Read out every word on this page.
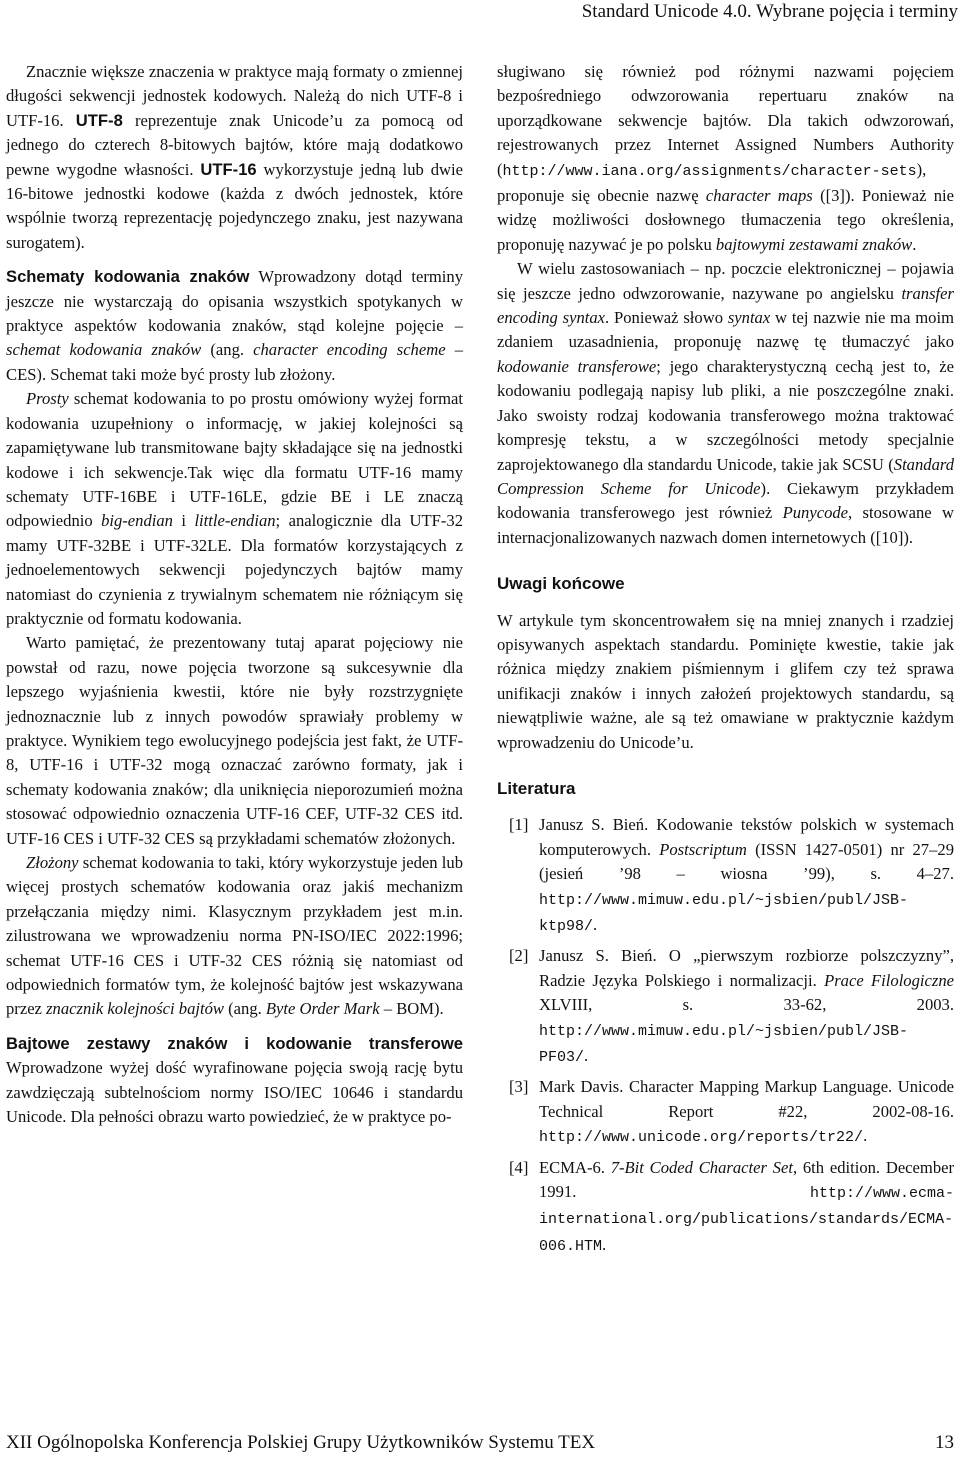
Standard Unicode 4.0. Wybrane pojęcia i terminy

Znacznie większe znaczenia w praktyce mają formaty o zmiennej długości sekwencji jednostek kodowych. Należą do nich UTF-8 i UTF-16. UTF-8 reprezentuje znak Unicode’u za pomocą od jednego do czterech 8-bitowych bajtów, które mają dodatkowo pewne wygodne własności. UTF-16 wykorzystuje jedną lub dwie 16-bitowe jednostki kodowe (każda z dwóch jednostek, które wspólnie tworzą reprezentację pojedynczego znaku, jest nazywana surogatem).

Schematy kodowania znaków Wprowadzony dotąd terminy jeszcze nie wystarczają do opisania wszystkich spotykanych w praktyce aspektów kodowania znaków, stąd kolejne pojęcie – schemat kodowania znaków (ang. character encoding scheme – CES). Schemat taki może być prosty lub złożony.

Prosty schemat kodowania to po prostu omówiony wyżej format kodowania uzupełniony o informację, w jakiej kolejności są zapamiętywane lub transmitowane bajty składające się na jednostki kodowe i ich sekwencje.Tak więc dla formatu UTF-16 mamy schematy UTF-16BE i UTF-16LE, gdzie BE i LE znaczą odpowiednio big-endian i little-endian; analogicznie dla UTF-32 mamy UTF-32BE i UTF-32LE. Dla formatów korzystających z jednoelementowych sekwencji pojedynczych bajtów mamy natomiast do czynienia z trywialnym schematem nie różniącym się praktycznie od formatu kodowania.

Warto pamiętać, że prezentowany tutaj aparat pojęciowy nie powstał od razu, nowe pojęcia tworzone są sukcesywnie dla lepszego wyjaśnienia kwestii, które nie były rozstrzygnięte jednoznacznie lub z innych powodów sprawiały problemy w praktyce. Wynikiem tego ewolucyjnego podejścia jest fakt, że UTF-8, UTF-16 i UTF-32 mogą oznaczać zarówno formaty, jak i schematy kodowania znaków; dla uniknięcia nieporozumień można stosować odpowiednio oznaczenia UTF-16 CEF, UTF-32 CES itd. UTF-16 CES i UTF-32 CES są przykładami schematów złożonych.

Złożony schemat kodowania to taki, który wykorzystuje jeden lub więcej prostych schematów kodowania oraz jakiś mechanizm przełączania między nimi. Klasycznym przykładem jest m.in. zilustrowana we wprowadzeniu norma PN-ISO/IEC 2022:1996; schemat UTF-16 CES i UTF-32 CES różnią się natomiast od odpowiednich formatów tym, że kolejność bajtów jest wskazywana przez znacznik kolejności bajtów (ang. Byte Order Mark – BOM).

Bajtowe zestawy znaków i kodowanie transferowe Wprowadzone wyżej dość wyrafinowane pojęcia swoją rację bytu zawdzięczają subtelnościom normy ISO/IEC 10646 i standardu Unicode. Dla pełności obrazu warto powiedzieć, że w praktyce po-

sługiwano się również pod różnymi nazwami pojęciem bezpośredniego odwzorowania repertuaru znaków na uporządkowane sekwencje bajtów. Dla takich odwzorowań, rejestrowanych przez Internet Assigned Numbers Authority (http://www.iana.org/assignments/character-sets), proponuje się obecnie nazwę character maps ([3]). Ponieważ nie widzę możliwości dosłownego tłumaczenia tego określenia, proponuję nazywać je po polsku bajtowymi zestawami znaków.

W wielu zastosowaniach – np. poczcie elektronicznej – pojawia się jeszcze jedno odwzorowanie, nazywane po angielsku transfer encoding syntax. Ponieważ słowo syntax w tej nazwie nie ma moim zdaniem uzasadnienia, proponuję nazwę tę tłumaczyć jako kodowanie transferowe; jego charakterystyczną cechą jest to, że kodowaniu podlegają napisy lub pliki, a nie poszczególne znaki. Jako swoisty rodzaj kodowania transferowego można traktować kompresję tekstu, a w szczególności metody specjalnie zaprojektowanego dla standardu Unicode, takie jak SCSU (Standard Compression Scheme for Unicode). Ciekawym przykładem kodowania transferowego jest również Punycode, stosowane w internacjonalizowanych nazwach domen internetowych ([10]).

Uwagi końcowe

W artykule tym skoncentrowałem się na mniej znanych i rzadziej opisywanych aspektach standardu. Pominięte kwestie, takie jak różnica między znakiem piśmiennym i glifem czy też sprawa unifikacji znaków i innych założeń projektowych standardu, są niewątpliwie ważne, ale są też omawiane w praktycznie każdym wprowadzeniu do Unicode’u.

Literatura
[1] Janusz S. Bień. Kodowanie tekstów polskich w systemach komputerowych. Postscriptum (ISSN 1427-0501) nr 27–29 (jesień ’98 – wiosna ’99), s. 4–27. http://www.mimuw.edu.pl/~jsbien/publ/JSB-ktp98/.
[2] Janusz S. Bień. O „pierwszym rozbiorze polszczyzny”, Radzie Języka Polskiego i normalizacji. Prace Filologiczne XLVIII, s. 33-62, 2003. http://www.mimuw.edu.pl/~jsbien/publ/JSB-PF03/.
[3] Mark Davis. Character Mapping Markup Language. Unicode Technical Report #22, 2002-08-16. http://www.unicode.org/reports/tr22/.
[4] ECMA-6. 7-Bit Coded Character Set, 6th edition. December 1991. http://www.ecma-international.org/publications/standards/ECMA-006.HTM.
XII Ogólnopolska Konferencja Polskiej Grupy Użytkowników Systemu TEX	13
